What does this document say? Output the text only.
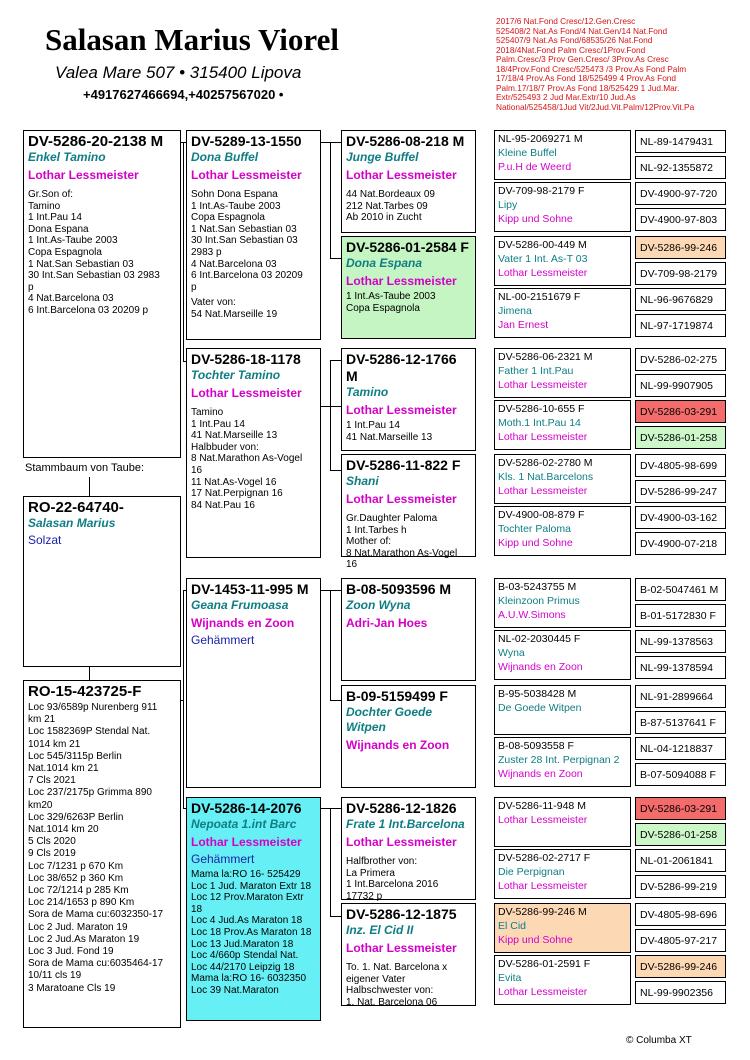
Salasan Marius Viorel
Valea Mare 507 • 315400 Lipova
+4917627466694,+40257567020 •
2017/6 Nat.Fond Cresc/12.Gen.Cresc
525408/2 Nat.As Fond/4 Nat.Gen/14 Nat.Fond
525407/9 Nat.As Fond/68535/26 Nat.Fond
2018/4Nat.Fond Palm Cresc/1Prov.Fond
Palm.Cresc/3 Prov Gen.Cresc/ 3Prov.As Cresc
18/4Prov.Fond Cresc/525473 /3 Prov.As Fond Palm
17/18/4 Prov.As Fond 18/525499 4 Prov.As Fond
Palm.17/18/7 Prov.As Fond 18/525429 1 Jud.Mar.
Extr/525493 2 Jud Mar.Extr/10 Jud.As
National/525458/1Jud Vit/2Jud.Vit.Palm/12Prov.Vit.Pa
DV-5286-20-2138 M
Enkel Tamino
Lothar Lessmeister
Gr.Son of:
Tamino
1 Int.Pau 14
Dona Espana
1 Int.As-Taube 2003
Copa Espagnola
1 Nat.San Sebastian 03
30 Int.San Sebastian 03 2983
p
4 Nat.Barcelona 03
6 Int.Barcelona 03 20209 p
Stammbaum von Taube:
RO-22-64740-
Salasan Marius
Solzat
RO-15-423725-F
Loc 93/6589p Nurenberg 911
km 21
Loc 1582369P Stendal Nat.
1014 km 21
Loc 545/3115p Berlin
Nat.1014 km 21
7 Cls 2021
Loc 237/2175p Grimma 890
km20
Loc 329/6263P Berlin
Nat.1014 km 20
5 Cls 2020
9 Cls 2019
Loc 7/1231 p 670 Km
Loc 38/652 p 360 Km
Loc 72/1214 p 285 Km
Loc 214/1653 p 890 Km
Sora de Mama cu:6032350-17
Loc 2 Jud. Maraton 19
Loc 2 Jud.As Maraton 19
Loc 3 Jud. Fond 19
Sora de Mama cu:6035464-17
10/11 cls 19
3 Maratoane Cls 19
DV-5289-13-1550
Dona Buffel
Lothar Lessmeister
Sohn Dona Espana
1 Int.As-Taube 2003
Copa Espagnola
1 Nat.San Sebastian 03
30 Int.San Sebastian 03
2983 p
4 Nat.Barcelona 03
6 Int.Barcelona 03 20209
p
Vater von:
54 Nat.Marseille 19
DV-5286-18-1178
Tochter Tamino
Lothar Lessmeister
Tamino
1 Int.Pau 14
41 Nat.Marseille 13
Halbbuder von:
8 Nat.Marathon As-Vogel 16
11 Nat.As-Vogel 16
17 Nat.Perpignan 16
84 Nat.Pau 16
DV-1453-11-995 M
Geana Frumoasa
Wijnands en Zoon
Gehämmert
DV-5286-14-2076
Nepoata 1.int Barc
Lothar Lessmeister
Gehämmert
Mama la:RO 16- 525429
Loc 1 Jud. Maraton Extr 18
Loc 12 Prov.Maraton Extr
18
Loc 4 Jud.As Maraton 18
Loc 18 Prov.As Maraton 18
Loc 13 Jud.Maraton 18
Loc 4/660p Stendal Nat.
Loc 44/2170 Leipzig 18
Mama la:RO 16- 6032350
Loc 39 Nat.Maraton
DV-5286-08-218 M
Junge Buffel
Lothar Lessmeister
44 Nat.Bordeaux 09
212 Nat.Tarbes 09
Ab 2010 in Zucht
DV-5286-01-2584 F
Dona Espana
Lothar Lessmeister
1 Int.As-Taube 2003
Copa Espagnola
DV-5286-12-1766 M
Tamino
Lothar Lessmeister
1 Int.Pau 14
41 Nat.Marseille 13
DV-5286-11-822 F
Shani
Lothar Lessmeister
Gr.Daughter Paloma
1 Int.Tarbes h
Mother of:
8 Nat.Marathon As-Vogel 16
B-08-5093596 M
Zoon Wyna
Adri-Jan Hoes
B-09-5159499 F
Dochter Goede Witpen
Wijnands en Zoon
DV-5286-12-1826
Frate 1 Int.Barcelona
Lothar Lessmeister
Halfbrother von:
La Primera
1 Int.Barcelona 2016
17732 p
DV-5286-12-1875
Inz. El Cid II
Lothar Lessmeister
To. 1. Nat. Barcelona x
eigener Vater
Halbschwester von:
1. Nat. Barcelona 06
NL-95-2069271 M
Kleine Buffel
P.u.H de Weerd
DV-709-98-2179 F
Lipy
Kipp und Sohne
DV-5286-00-449 M
Vater 1 Int. As-T 03
Lothar Lessmeister
NL-00-2151679 F
Jimena
Jan Ernest
DV-5286-06-2321 M
Father 1 Int.Pau
Lothar Lessmeister
DV-5286-10-655 F
Moth.1 Int.Pau 14
Lothar Lessmeister
DV-5286-02-2780 M
Kls. 1 Nat.Barcelons
Lothar Lessmeister
DV-4900-08-879 F
Tochter Paloma
Kipp und Sohne
B-03-5243755 M
Kleinzoon Primus
A.U.W.Simons
NL-02-2030445 F
Wyna
Wijnands en Zoon
B-95-5038428 M
De Goede Witpen
B-08-5093558 F
Zuster 28 Int. Perpignan 2
Wijnands en Zoon
DV-5286-11-948 M
Lothar Lessmeister
DV-5286-02-2717 F
Die Perpignan
Lothar Lessmeister
DV-5286-99-246 M
El Cid
Kipp und Sohne
DV-5286-01-2591 F
Evita
Lothar Lessmeister
NL-89-1479431
NL-92-1355872
DV-4900-97-720
DV-4900-97-803
DV-5286-99-246
DV-709-98-2179
NL-96-9676829
NL-97-1719874
DV-5286-02-275
NL-99-9907905
DV-5286-03-291
DV-5286-01-258
DV-4805-98-699
DV-5286-99-247
DV-4900-03-162
DV-4900-07-218
B-02-5047461 M
B-01-5172830 F
NL-99-1378563
NL-99-1378594
NL-91-2899664
B-87-5137641 F
NL-04-1218837
B-07-5094088 F
DV-5286-03-291
DV-5286-01-258
NL-01-2061841
DV-5286-99-219
DV-4805-98-696
DV-4805-97-217
DV-5286-99-246
NL-99-9902356
© Columba XT
